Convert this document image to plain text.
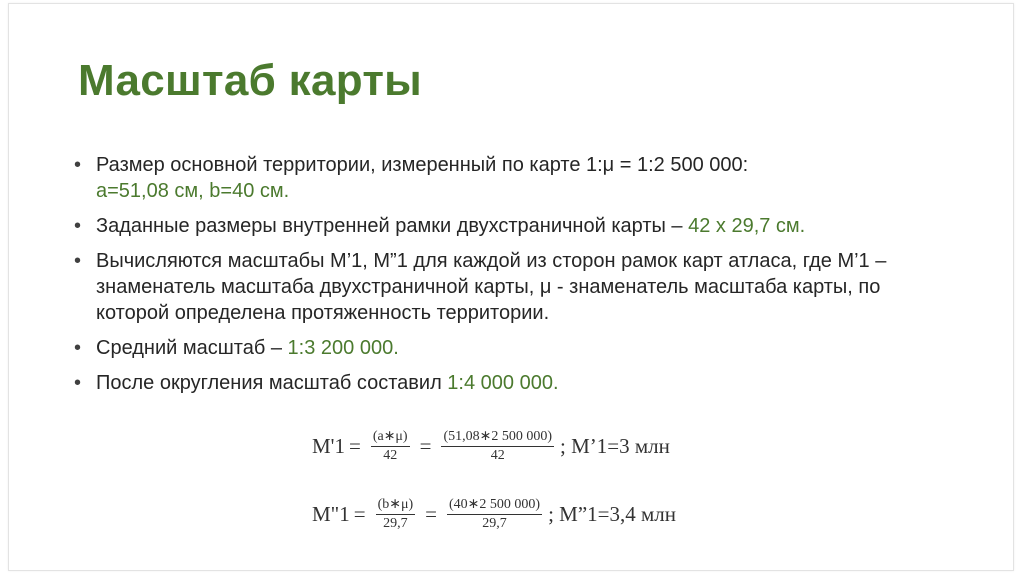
Масштаб карты
• Размер основной территории, измеренный по карте 1:μ = 1:2 500 000:
a=51,08 см, b=40 см.
• Заданные размеры внутренней рамки двухстраничной карты – 42 x 29,7 см.
• Вычисляются масштабы М’1, М”1 для каждой из сторон рамок карт атласа, где М’1 – знаменатель масштаба двухстраничной карты, μ - знаменатель масштаба карты, по которой определена протяженность территории.
• Средний масштаб – 1:3 200 000.
• После округления масштаб составил 1:4 000 000.
$M'1 = \frac{(a∗\mu)}{42} = \frac{(51,08∗2 500 000)}{42}$ ; M’1=3 млн
M"1 = $\frac{(b∗\mu)}{29,7} = \frac{(40∗2 500 000)}{29,7}$ ; M”1=3,4 млн
